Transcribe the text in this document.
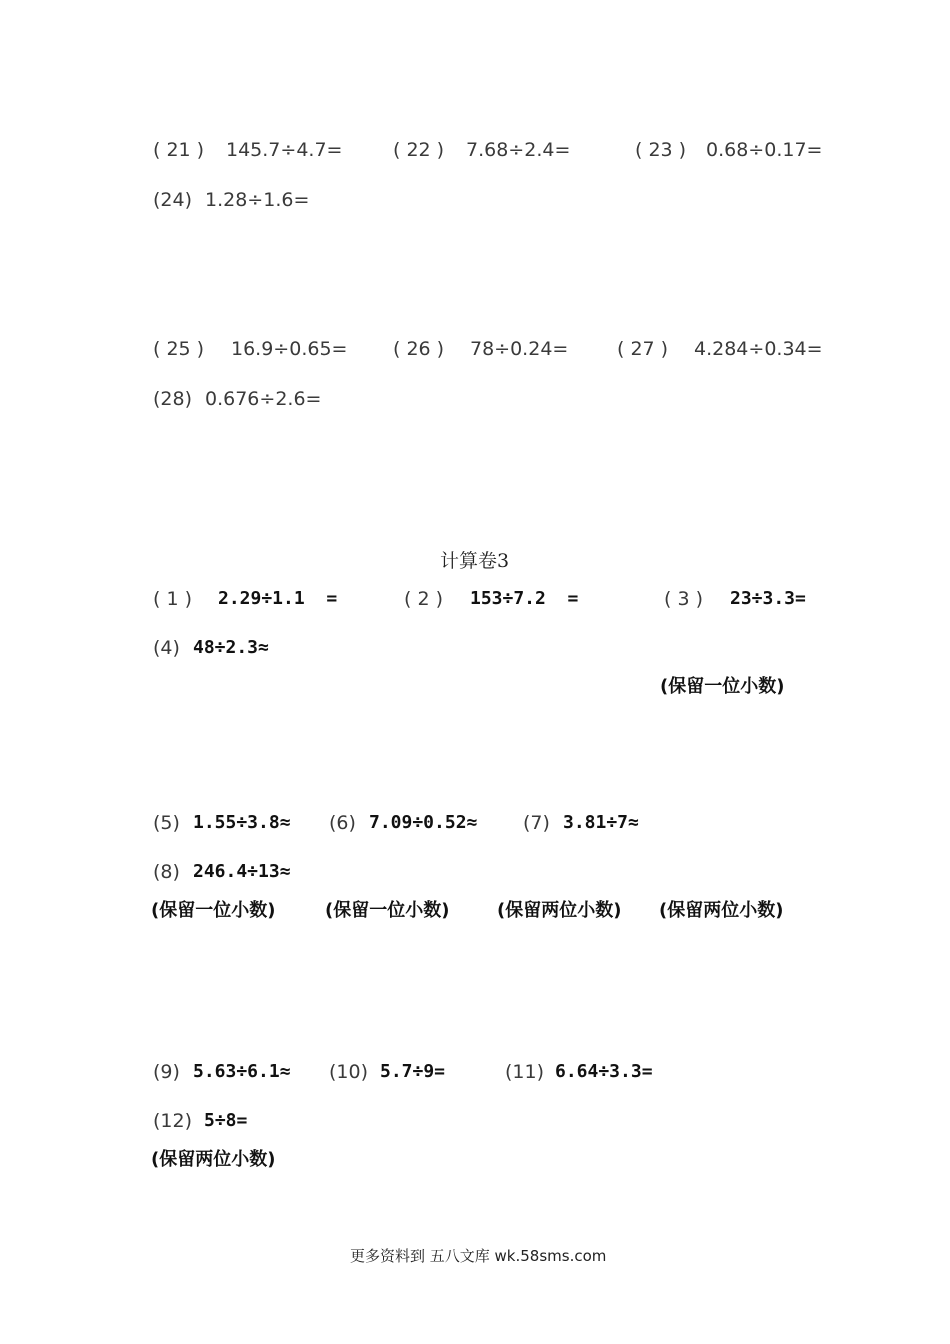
( 21 ) 145.7÷4.7=	( 22 ) 7.68÷2.4=	( 23 ) 0.68÷0.17=
(24) 1.28÷1.6=
( 25 ) 16.9÷0.65= ( 26 ) 78÷0.24=	( 27 ) 4.284÷0.34=
(28) 0.676÷2.6=
计算卷3
( 1 ) 2.29÷1.1  =	( 2 ) 153÷7.2  =	( 3 ) 23÷3.3=
(4) 48÷2.3≈
(保留一位小数)
(5) 1.55÷3.8≈ (6) 7.09÷0.52≈ (7) 3.81÷7≈
(8) 246.4÷13≈
(保留一位小数)	(保留一位小数)	(保留两位小数) (保留两位小数)
(9) 5.63÷6.1≈ (10) 5.7÷9=	(11) 6.64÷3.3=
(12) 5÷8=
(保留两位小数)
更多资料到 五八文库 wk.58sms.com
